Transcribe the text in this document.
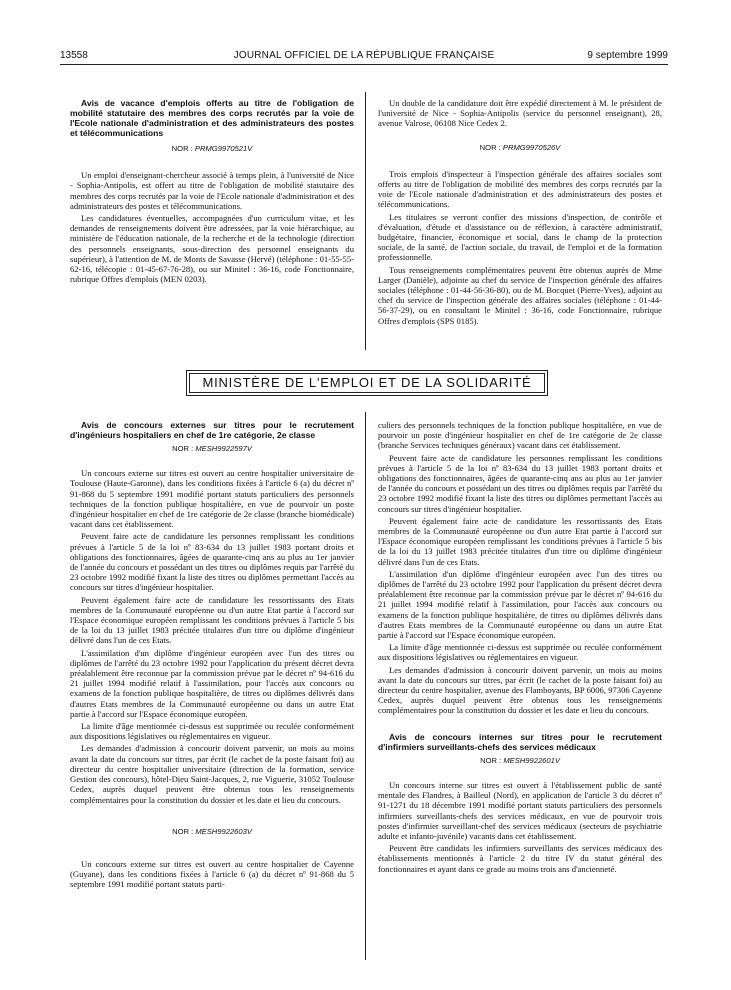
13558	JOURNAL OFFICIEL DE LA RÉPUBLIQUE FRANÇAISE	9 septembre 1999

Avis de vacance d'emplois offerts au titre de l'obligation de mobilité statutaire des membres des corps recrutés par la voie de l'Ecole nationale d'administration et des administrateurs des postes et télécommunications

NOR : PRMG9970521V

Un emploi d'enseignant-chercheur associé à temps plein, à l'université de Nice - Sophia-Antipolis, est offert au titre de l'obligation de mobilité statutaire des membres des corps recrutés par la voie de l'Ecole nationale d'administration et des administrateurs des postes et télécommunications.

Les candidatures éventuelles, accompagnées d'un curriculum vitae, et les demandes de renseignements doivent être adressées, par la voie hiérarchique, au ministère de l'éducation nationale, de la recherche et de la technologie (direction des personnels enseignants, sous-direction des personnel enseignants du supérieur), à l'attention de M. de Monts de Savasse (Hervé) (téléphone : 01-55-55-62-16, télécopie : 01-45-67-76-28), ou sur Minitel : 36-16, code Fonctionnaire, rubrique Offres d'emplois (MEN 0203).

Un double de la candidature doit être expédié directement à M. le président de l'université de Nice - Sophia-Antipolis (service du personnel enseignant), 28, avenue Valrose, 06108 Nice Cedex 2.

NOR : PRMG9970526V

Trois emplois d'inspecteur à l'inspection générale des affaires sociales sont offerts au titre de l'obligation de mobilité des membres des corps recrutés par la voie de l'Ecole nationale d'administration et des administrateurs des postes et télécommunications.

Les titulaires se verront confier des missions d'inspection, de contrôle et d'évaluation, d'étude et d'assistance ou de réflexion, à caractère administratif, budgétaire, financier, économique et social, dans le champ de la protection sociale, de la santé, de l'action sociale, du travail, de l'emploi et de la formation professionnelle.

Tous renseignements complémentaires peuvent être obtenus auprès de Mme Larger (Danièle), adjointe au chef du service de l'inspection générale des affaires sociales (téléphone : 01-44-56-36-80), ou de M. Bocquet (Pierre-Yves), adjoint au chef du service de l'inspection générale des affaires sociales (téléphone : 01-44-56-37-29), ou en consultant le Minitel : 36-16, code Fonctionnaire, rubrique Offres d'emplois (SPS 0185).

MINISTÈRE DE L'EMPLOI ET DE LA SOLIDARITÉ

Avis de concours externes sur titres pour le recrutement d'ingénieurs hospitaliers en chef de 1re catégorie, 2e classe

NOR : MESH9922597V

Un concours externe sur titres est ouvert au centre hospitalier universitaire de Toulouse (Haute-Garonne), dans les conditions fixées à l'article 6 (a) du décret nº 91-868 du 5 septembre 1991 modifié portant statuts particuliers des personnels techniques de la fonction publique hospitalière, en vue de pourvoir un poste d'ingénieur hospitalier en chef de 1re catégorie de 2e classe (branche biomédicale) vacant dans cet établissement.

Peuvent faire acte de candidature les personnes remplissant les conditions prévues à l'article 5 de la loi nº 83-634 du 13 juillet 1983 portant droits et obligations des fonctionnaires, âgées de quarante-cinq ans au plus au 1er janvier de l'année du concours et possédant un des titres ou diplômes requis par l'arrêté du 23 octobre 1992 modifié fixant la liste des titres ou diplômes permettant l'accès au concours sur titres d'ingénieur hospitalier.

Peuvent également faire acte de candidature les ressortissants des Etats membres de la Communauté européenne ou d'un autre Etat partie à l'accord sur l'Espace économique européen remplissant les conditions prévues à l'article 5 bis de la loi du 13 juillet 1983 précitée titulaires d'un titre ou diplôme d'ingénieur délivré dans l'un de ces Etats.

L'assimilation d'un diplôme d'ingénieur européen avec l'un des titres ou diplômes de l'arrêté du 23 octobre 1992 pour l'application du présent décret devra préalablement être reconnue par la commission prévue par le décret nº 94-616 du 21 juillet 1994 modifié relatif à l'assimilation, pour l'accès aux concours ou examens de la fonction publique hospitalière, de titres ou diplômes délivrés dans d'autres Etats membres de la Communauté européenne ou dans un autre Etat partie à l'accord sur l'Espace économique européen.

La limite d'âge mentionnée ci-dessus est supprimée ou reculée conformément aux dispositions législatives ou réglementaires en vigueur.

Les demandes d'admission à concourir doivent parvenir, un mois au moins avant la date du concours sur titres, par écrit (le cachet de la poste faisant foi) au directeur du centre hospitalier universitaire (direction de la formation, service Gestion des concours), hôtel-Dieu Saint-Jacques, 2, rue Viguerie, 31052 Toulouse Cedex, auprès duquel peuvent être obtenus tous les renseignements complémentaires pour la constitution du dossier et les date et lieu du concours.

NOR : MESH9922603V

Un concours externe sur titres est ouvert au centre hospitalier de Cayenne (Guyane), dans les conditions fixées à l'article 6 (a) du décret nº 91-868 du 5 septembre 1991 modifié portant statuts parti-

culiers des personnels techniques de la fonction publique hospitalière, en vue de pourvoir un poste d'ingénieur hospitalier en chef de 1re catégorie de 2e classe (branche Services techniques généraux) vacant dans cet établissement.

Peuvent faire acte de candidature les personnes remplissant les conditions prévues à l'article 5 de la loi nº 83-634 du 13 juillet 1983 portant droits et obligations des fonctionnaires, âgées de quarante-cinq ans au plus au 1er janvier de l'année du concours et possédant un des titres ou diplômes requis par l'arrêté du 23 octobre 1992 modifié fixant la liste des titres ou diplômes permettant l'accès au concours sur titres d'ingénieur hospitalier.

Peuvent également faire acte de candidature les ressortissants des Etats membres de la Communauté européenne ou d'un autre Etat partie à l'accord sur l'Espace économique européen remplissant les conditions prévues à l'article 5 bis de la loi du 13 juillet 1983 précitée titulaires d'un titre ou diplôme d'ingénieur délivré dans l'un de ces Etats.

L'assimilation d'un diplôme d'ingénieur européen avec l'un des titres ou diplômes de l'arrêté du 23 octobre 1992 pour l'application du présent décret devra préalablement être reconnue par la commission prévue par le décret nº 94-616 du 21 juillet 1994 modifié relatif à l'assimilation, pour l'accès aux concours ou examens de la fonction publique hospitalière, de titres ou diplômes délivrés dans d'autres Etats membres de la Communauté européenne ou dans un autre Etat partie à l'accord sur l'Espace économique européen.

La limite d'âge mentionnée ci-dessus est supprimée ou reculée conformément aux dispositions législatives ou réglementaires en vigueur.

Les demandes d'admission à concourir doivent parvenir, un mois au moins avant la date du concours sur titres, par écrit (le cachet de la poste faisant foi) au directeur du centre hospitalier, avenue des Flamboyants, BP 6006, 97306 Cayenne Cedex, auprès duquel peuvent être obtenus tous les renseignements complémentaires pour la constitution du dossier et les date et lieu du concours.

Avis de concours internes sur titres pour le recrutement d'infirmiers surveillants-chefs des services médicaux

NOR : MESH9922601V

Un concours interne sur titres est ouvert à l'établissement public de santé mentale des Flandres, à Bailleul (Nord), en application de l'article 3 du décret nº 91-1271 du 18 décembre 1991 modifié portant statuts particuliers des personnels infirmiers surveillants-chefs des services médicaux, en vue de pourvoir trois postes d'infirmier surveillant-chef des services médicaux (secteurs de psychiatrie adulte et infanto-juvénile) vacants dans cet établissement.

Peuvent être candidats les infirmiers surveillants des services médicaux des établissements mentionnés à l'article 2 du titre IV du statut général des fonctionnaires et ayant dans ce grade au moins trois ans d'ancienneté.
